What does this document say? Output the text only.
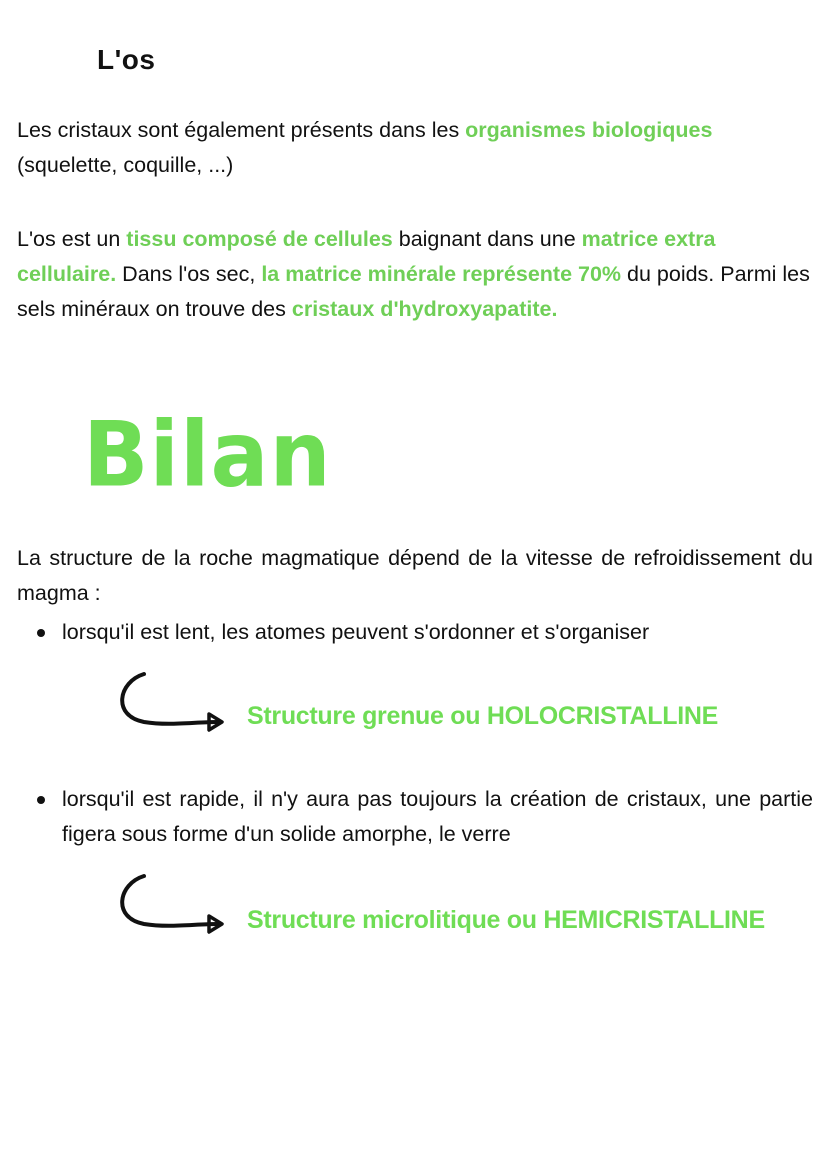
L'os

Les cristaux sont également présents dans les organismes biologiques
(squelette, coquille, ...)

L'os est un tissu composé de cellules baignant dans une matrice extra cellulaire. Dans l'os sec, la matrice minérale représente 70% du poids. Parmi les sels minéraux on trouve des cristaux d'hydroxyapatite.

Bilan

La structure de la roche magmatique dépend de la vitesse de refroidissement du magma :

lorsqu'il est lent, les atomes peuvent s'ordonner et s'organiser

Structure grenue ou HOLOCRISTALLINE

lorsqu'il est rapide, il n'y aura pas toujours la création de cristaux, une partie figera sous forme d'un solide amorphe, le verre

Structure microlitique ou HEMICRISTALLINE
